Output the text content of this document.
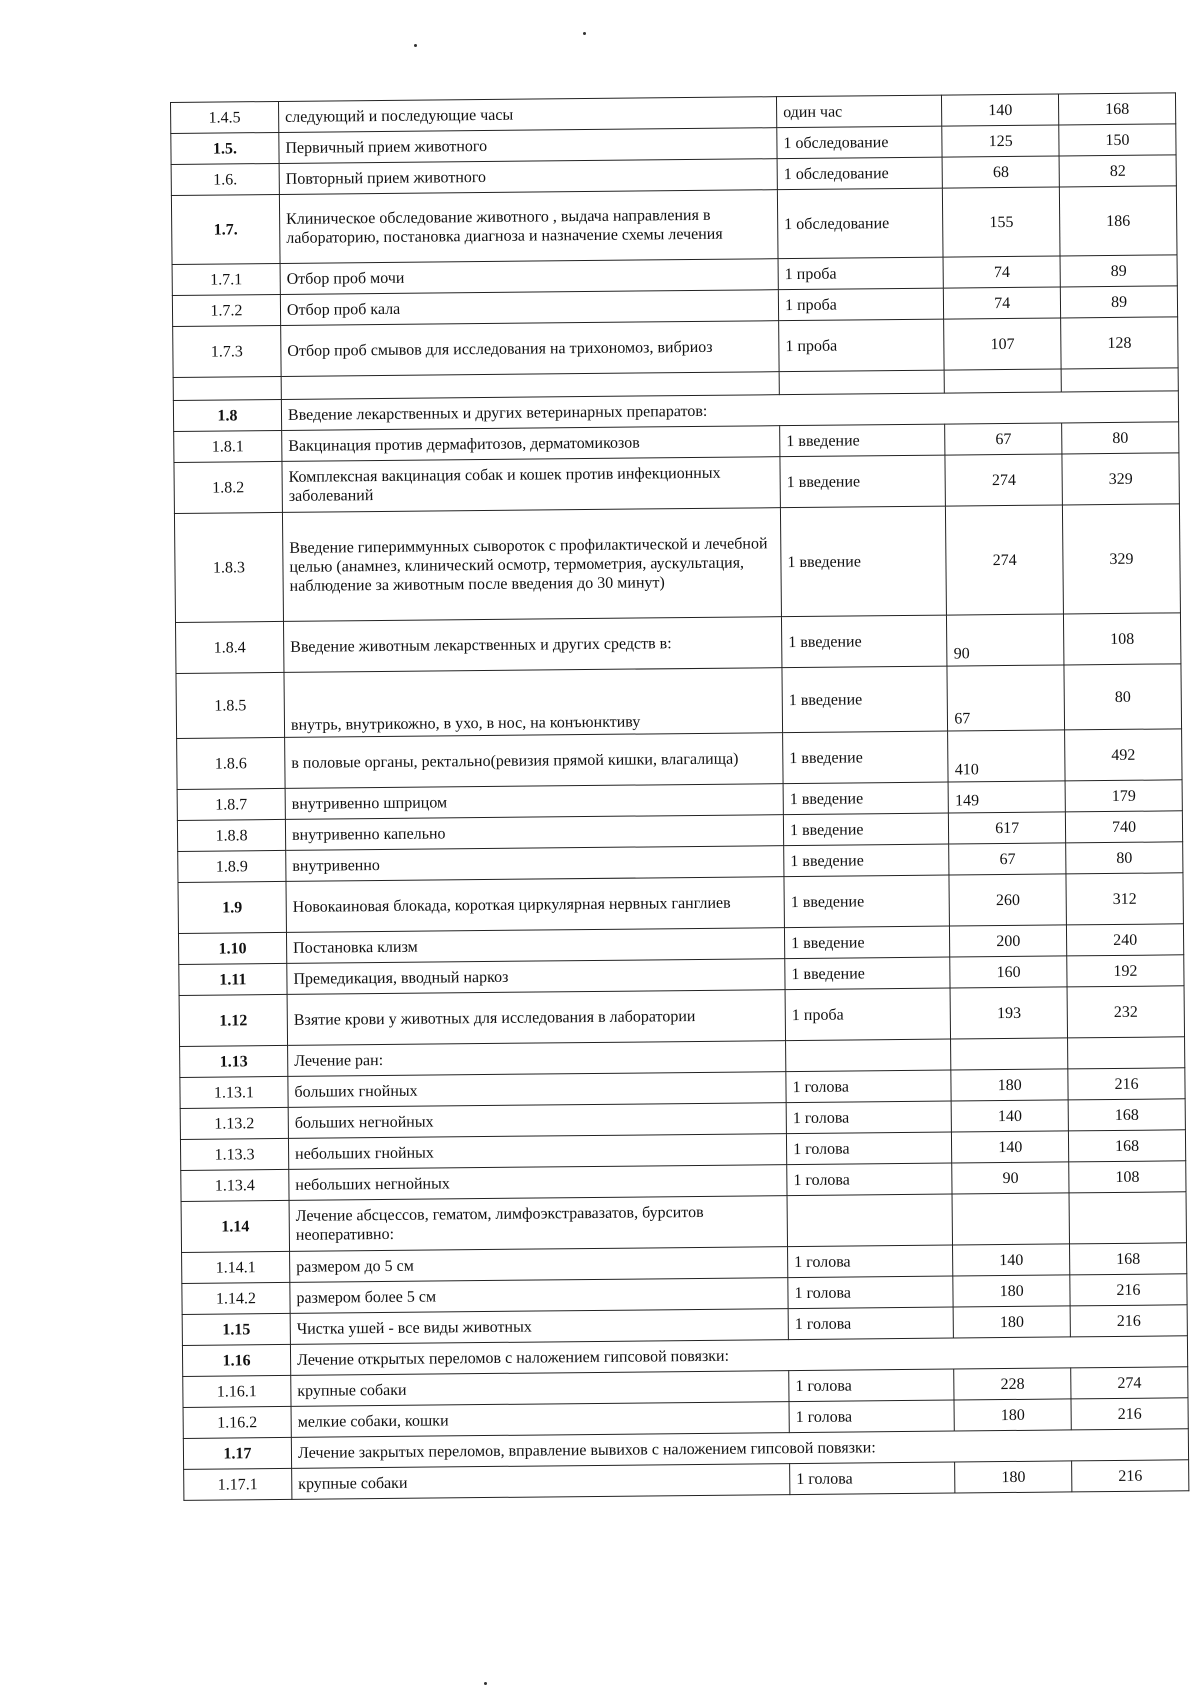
1.4.5	следующий и последующие часы	один час	140	168
1.5.	Первичный прием животного	1 обследование	125	150
1.6.	Повторный прием животного	1 обследование	68	82
1.7.	Клиническое обследование животного , выдача направления в лабораторию, постановка диагноза и назначение схемы лечения	1 обследование	155	186
1.7.1	Отбор проб мочи	1 проба	74	89
1.7.2	Отбор проб кала	1 проба	74	89
1.7.3	Отбор проб смывов для исследования на трихономоз, вибриоз	1 проба	107	128

1.8	Введение лекарственных и других ветеринарных препаратов:			
1.8.1	Вакцинация против дермафитозов, дерматомикозов	1 введение	67	80
1.8.2	Комплексная вакцинация собак и кошек против инфекционных заболеваний	1 введение	274	329
1.8.3	Введение гипериммунных сывороток с профилактической и лечебной целью (анамнез, клинический осмотр, термометрия, аускультация, наблюдение за животным после введения до 30 минут)	1 введение	274	329
1.8.4	Введение животным лекарственных и других средств в:	1 введение	90	108
1.8.5	внутрь, внутрикожно, в ухо, в нос, на конъюнктиву	1 введение	67	80
1.8.6	в половые органы, ректально(ревизия прямой кишки, влагалища)	1 введение	410	492
1.8.7	внутривенно шприцом	1 введение	149	179
1.8.8	внутривенно капельно	1 введение	617	740
1.8.9	внутривенно	1 введение	67	80
1.9	Новокаиновая блокада, короткая циркулярная нервных ганглиев	1 введение	260	312
1.10	Постановка клизм	1 введение	200	240
1.11	Премедикация, вводный наркоз	1 введение	160	192
1.12	Взятие крови у животных для исследования в лаборатории	1 проба	193	232
1.13	Лечение ран:			
1.13.1	больших гнойных	1 голова	180	216
1.13.2	больших негнойных	1 голова	140	168
1.13.3	небольших гнойных	1 голова	140	168
1.13.4	небольших негнойных	1 голова	90	108
1.14	Лечение абсцессов, гематом, лимфоэкстравазатов, бурситов неоперативно:			
1.14.1	размером до 5 см	1 голова	140	168
1.14.2	размером более 5 см	1 голова	180	216
1.15	Чистка ушей - все виды животных	1 голова	180	216
1.16	Лечение открытых переломов с наложением гипсовой повязки:			
1.16.1	крупные собаки	1 голова	228	274
1.16.2	мелкие собаки, кошки	1 голова	180	216
1.17	Лечение закрытых переломов, вправление вывихов с наложением гипсовой повязки:			
1.17.1	крупные собаки	1 голова	180	216
